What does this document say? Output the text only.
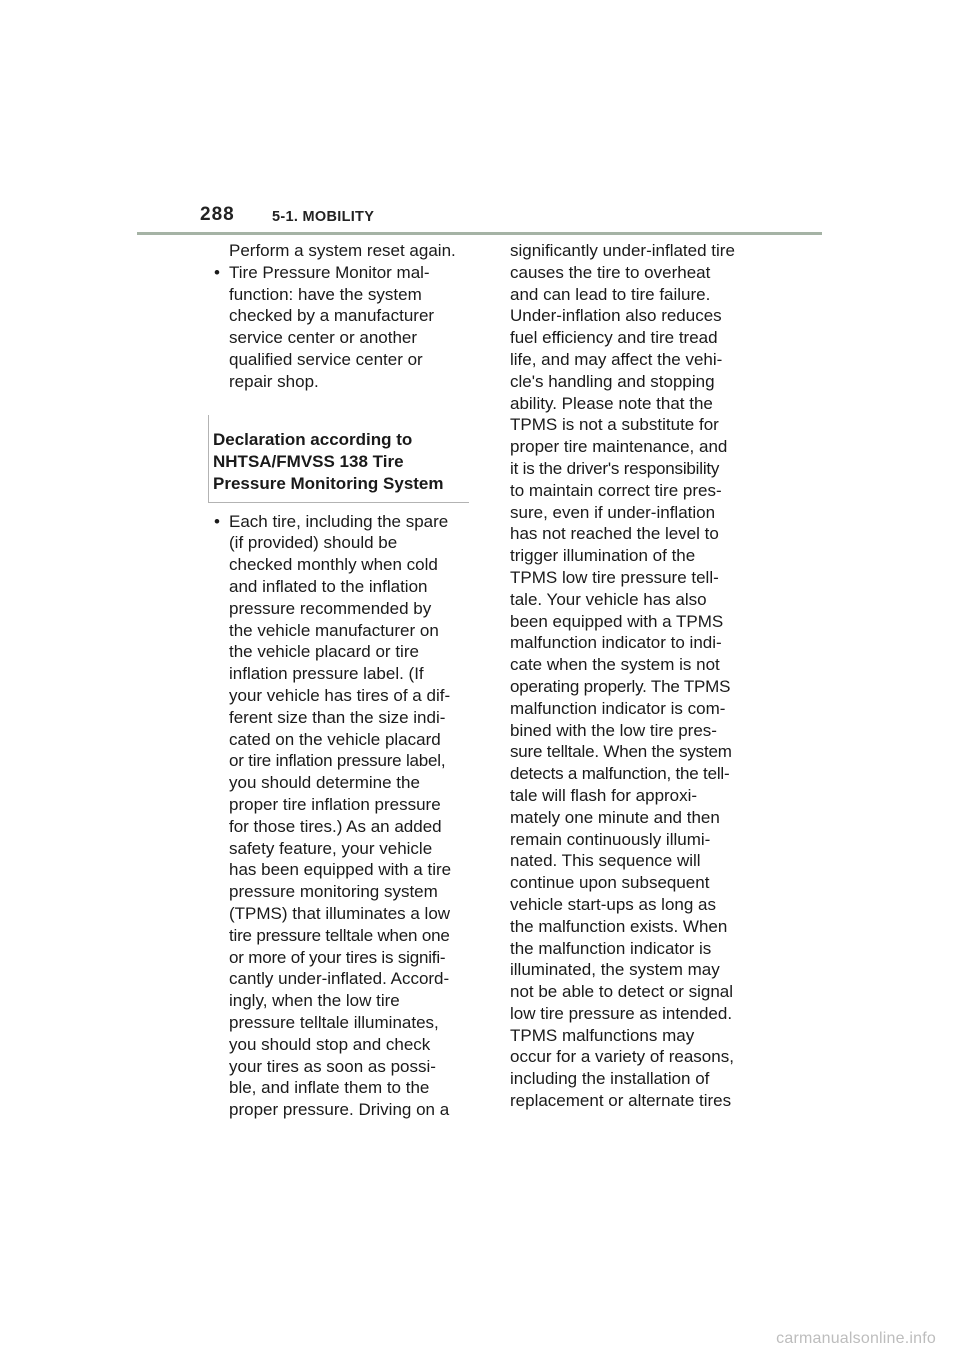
288	5-1. MOBILITY
Perform a system reset again.
• Tire Pressure Monitor mal-
function: have the system
checked by a manufacturer
service center or another
qualified service center or
repair shop.
Declaration according to
NHTSA/FMVSS 138 Tire
Pressure Monitoring System
• Each tire, including the spare
(if provided) should be
checked monthly when cold
and inflated to the inflation
pressure recommended by
the vehicle manufacturer on
the vehicle placard or tire
inflation pressure label. (If
your vehicle has tires of a dif-
ferent size than the size indi-
cated on the vehicle placard
or tire inflation pressure label,
you should determine the
proper tire inflation pressure
for those tires.) As an added
safety feature, your vehicle
has been equipped with a tire
pressure monitoring system
(TPMS) that illuminates a low
tire pressure telltale when one
or more of your tires is signifi-
cantly under-inflated. Accord-
ingly, when the low tire
pressure telltale illuminates,
you should stop and check
your tires as soon as possi-
ble, and inflate them to the
proper pressure. Driving on a
significantly under-inflated tire
causes the tire to overheat
and can lead to tire failure.
Under-inflation also reduces
fuel efficiency and tire tread
life, and may affect the vehi-
cle's handling and stopping
ability. Please note that the
TPMS is not a substitute for
proper tire maintenance, and
it is the driver's responsibility
to maintain correct tire pres-
sure, even if under-inflation
has not reached the level to
trigger illumination of the
TPMS low tire pressure tell-
tale. Your vehicle has also
been equipped with a TPMS
malfunction indicator to indi-
cate when the system is not
operating properly. The TPMS
malfunction indicator is com-
bined with the low tire pres-
sure telltale. When the system
detects a malfunction, the tell-
tale will flash for approxi-
mately one minute and then
remain continuously illumi-
nated. This sequence will
continue upon subsequent
vehicle start-ups as long as
the malfunction exists. When
the malfunction indicator is
illuminated, the system may
not be able to detect or signal
low tire pressure as intended.
TPMS malfunctions may
occur for a variety of reasons,
including the installation of
replacement or alternate tires
carmanualsonline.info
